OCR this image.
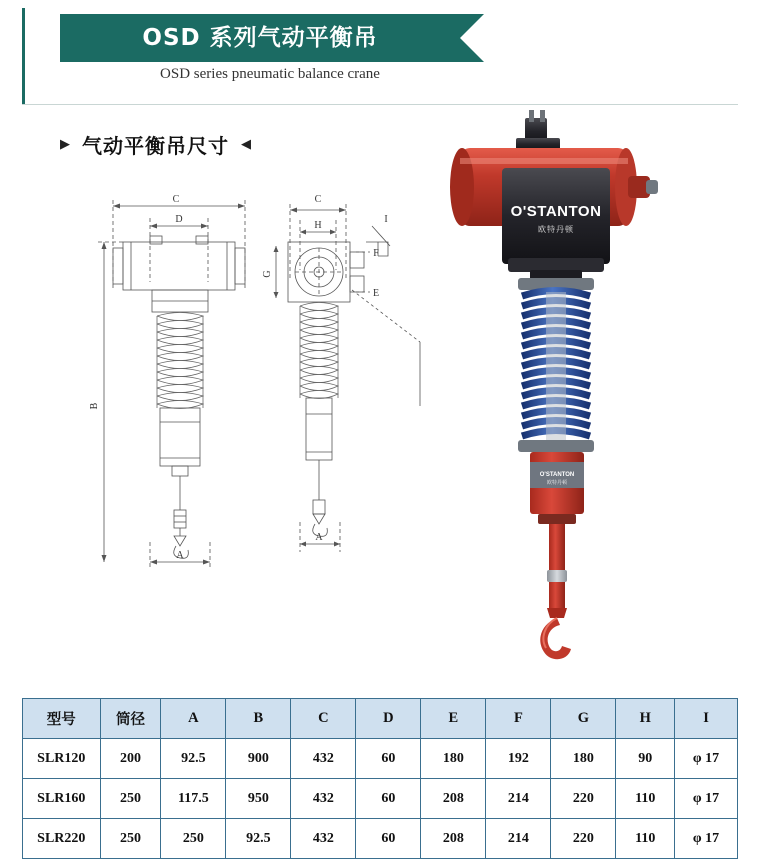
OSD 系列气动平衡吊
OSD series pneumatic balance crane
▶ 气动平衡吊尺寸 ◀
C
D
B
A
C
H
I
G
F
E
A
O'STANTON
欧特丹顿
O'STANTON
欧特丹顿
型号	筒径	A	B	C	D	E	F	G	H	I
SLR120	200	92.5	900	432	60	180	192	180	90	φ 17
SLR160	250	117.5	950	432	60	208	214	220	110	φ 17
SLR220	250	250	92.5	432	60	208	214	220	110	φ 17
